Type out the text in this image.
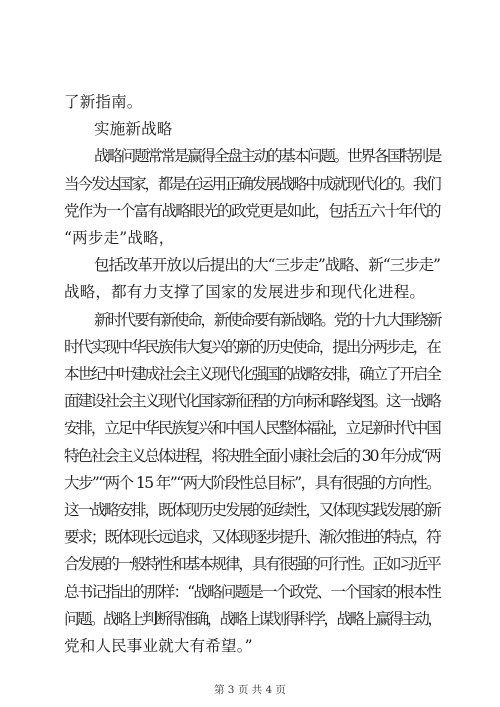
了新指南。
实施新战略
战略问题常常是赢得全盘主动的基本问题。世界各国特别是
当今发达国家，都是在运用正确发展战略中成就现代化的。我们
党作为一个富有战略眼光的政党更是如此，包括五六十年代的
“两步走”战略，
包括改革开放以后提出的大“三步走”战略、新“三步走”
战略，都有力支撑了国家的发展进步和现代化进程。
新时代要有新使命，新使命要有新战略。党的十九大围绕新
时代实现中华民族伟大复兴的新的历史使命，提出分两步走，在
本世纪中叶建成社会主义现代化强国的战略安排，确立了开启全
面建设社会主义现代化国家新征程的方向标和路线图。这一战略
安排，立足中华民族复兴和中国人民整体福祉，立足新时代中国
特色社会主义总体进程，将决胜全面小康社会后的 30 年分成“两
大步”“两个 15 年”“两大阶段性总目标”，具有很强的方向性。
这一战略安排，既体现历史发展的延续性，又体现实践发展的新
要求；既体现长远追求，又体现逐步提升、渐次推进的特点，符
合发展的一般特性和基本规律，具有很强的可行性。正如习近平
总书记指出的那样：“战略问题是一个政党、一个国家的根本性
问题。战略上判断得准确，战略上谋划得科学，战略上赢得主动，
党和人民事业就大有希望。”
第 3 页 共 4 页
